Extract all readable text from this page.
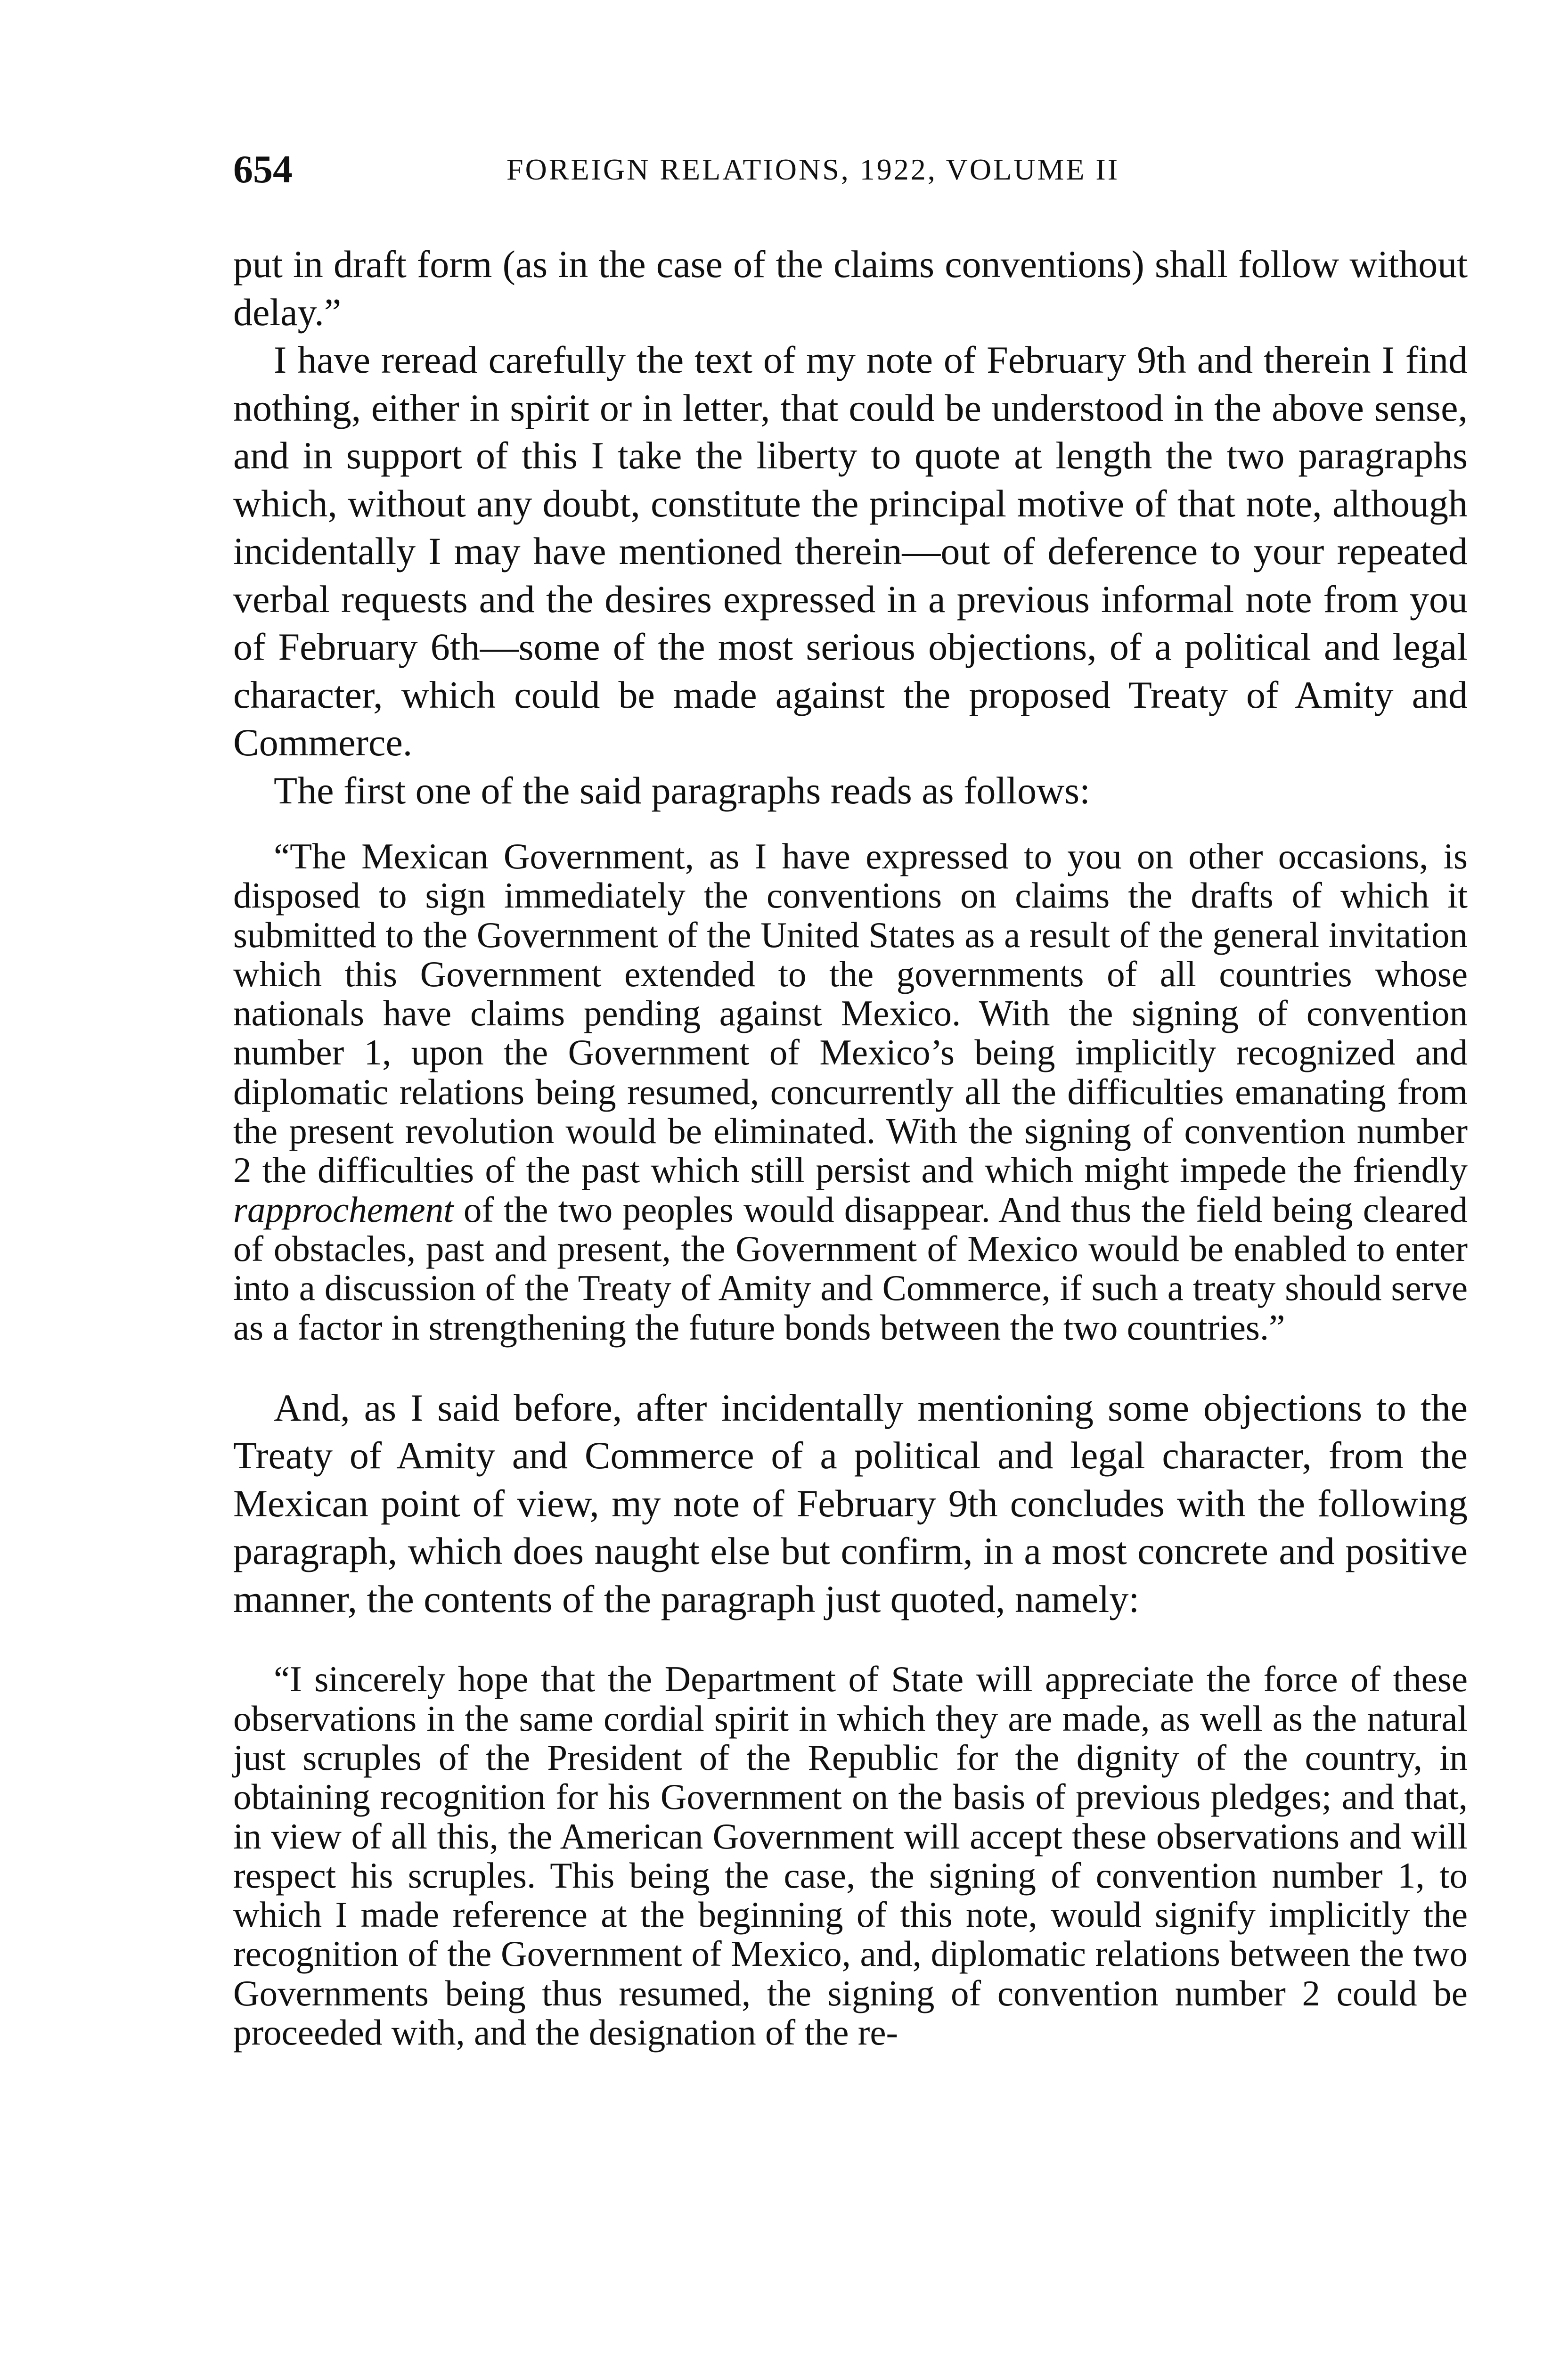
654	FOREIGN RELATIONS, 1922, VOLUME II

put in draft form (as in the case of the claims conventions) shall follow without delay.”

I have reread carefully the text of my note of February 9th and therein I find nothing, either in spirit or in letter, that could be understood in the above sense, and in support of this I take the liberty to quote at length the two paragraphs which, without any doubt, constitute the principal motive of that note, although incidentally I may have mentioned therein—out of deference to your repeated verbal requests and the desires expressed in a previous informal note from you of February 6th—some of the most serious objections, of a political and legal character, which could be made against the proposed Treaty of Amity and Commerce.

The first one of the said paragraphs reads as follows:

“The Mexican Government, as I have expressed to you on other occasions, is disposed to sign immediately the conventions on claims the drafts of which it submitted to the Government of the United States as a result of the general invitation which this Government extended to the governments of all countries whose nationals have claims pending against Mexico. With the signing of convention number 1, upon the Government of Mexico’s being implicitly recognized and diplomatic relations being resumed, concurrently all the difficulties emanating from the present revolution would be eliminated. With the signing of convention number 2 the difficulties of the past which still persist and which might impede the friendly rapprochement of the two peoples would disappear. And thus the field being cleared of obstacles, past and present, the Government of Mexico would be enabled to enter into a discussion of the Treaty of Amity and Commerce, if such a treaty should serve as a factor in strengthening the future bonds between the two countries.”

And, as I said before, after incidentally mentioning some objections to the Treaty of Amity and Commerce of a political and legal character, from the Mexican point of view, my note of February 9th concludes with the following paragraph, which does naught else but confirm, in a most concrete and positive manner, the contents of the paragraph just quoted, namely:

“I sincerely hope that the Department of State will appreciate the force of these observations in the same cordial spirit in which they are made, as well as the natural just scruples of the President of the Republic for the dignity of the country, in obtaining recognition for his Government on the basis of previous pledges; and that, in view of all this, the American Government will accept these observations and will respect his scruples. This being the case, the signing of convention number 1, to which I made reference at the beginning of this note, would signify implicitly the recognition of the Government of Mexico, and, diplomatic relations between the two Governments being thus resumed, the signing of convention number 2 could be proceeded with, and the designation of the re-
